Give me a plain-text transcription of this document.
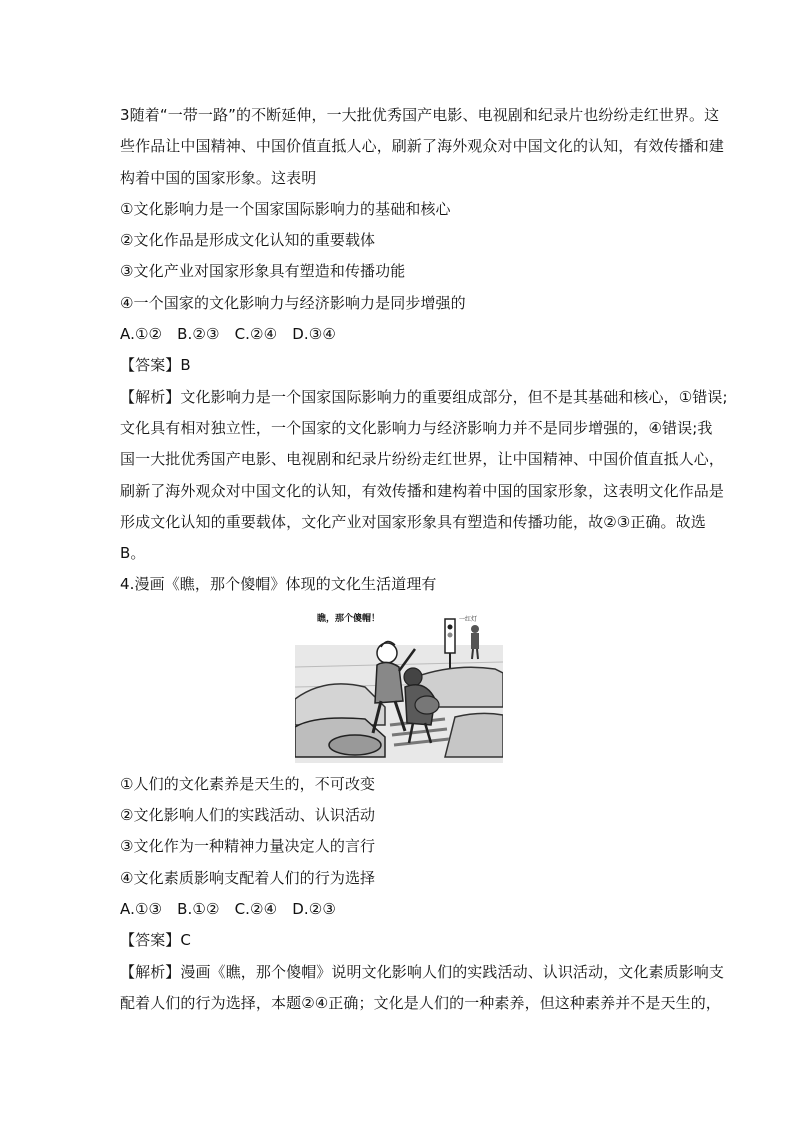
3随着“一带一路”的不断延伸，一大批优秀国产电影、电视剧和纪录片也纷纷走红世界。这
些作品让中国精神、中国价值直抵人心，刷新了海外观众对中国文化的认知，有效传播和建
构着中国的国家形象。这表明
①文化影响力是一个国家国际影响力的基础和核心
②文化作品是形成文化认知的重要载体
③文化产业对国家形象具有塑造和传播功能
④一个国家的文化影响力与经济影响力是同步增强的
A.①②　B.②③　C.②④　D.③④
【答案】B
【解析】文化影响力是一个国家国际影响力的重要组成部分，但不是其基础和核心，①错误;
文化具有相对独立性，一个国家的文化影响力与经济影响力并不是同步增强的，④错误;我
国一大批优秀国产电影、电视剧和纪录片纷纷走红世界，让中国精神、中国价值直抵人心，
刷新了海外观众对中国文化的认知，有效传播和建构着中国的国家形象，这表明文化作品是
形成文化认知的重要载体，文化产业对国家形象具有塑造和传播功能，故②③正确。故选
B。
4.漫画《瞧，那个傻帽》体现的文化生活道理有
一红灯
瞧，那个傻帽！
①人们的文化素养是天生的，不可改变
②文化影响人们的实践活动、认识活动
③文化作为一种精神力量决定人的言行
④文化素质影响支配着人们的行为选择
A.①③　B.①②　C.②④　D.②③
【答案】C
【解析】漫画《瞧，那个傻帽》说明文化影响人们的实践活动、认识活动，文化素质影响支
配着人们的行为选择，本题②④正确；文化是人们的一种素养，但这种素养并不是天生的，
